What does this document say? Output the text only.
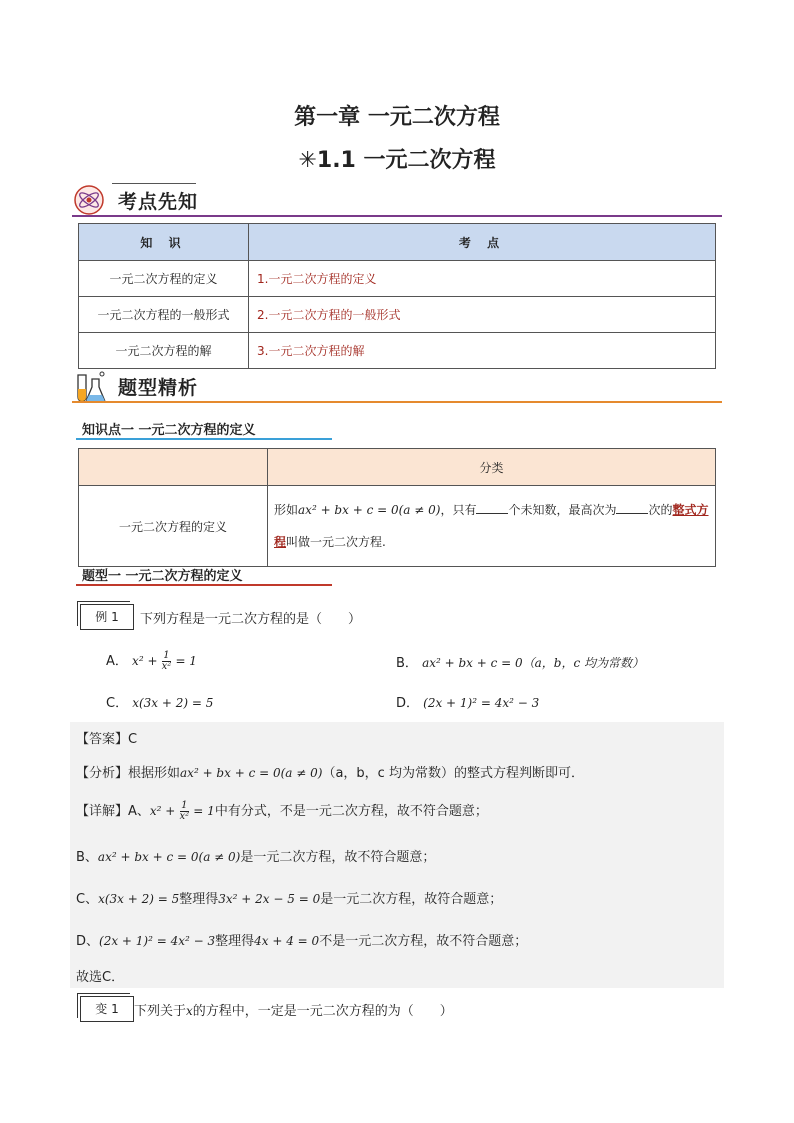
第一章 一元二次方程
✳1.1 一元二次方程
考点先知
知 识	考 点
一元二次方程的定义	1.一元二次方程的定义
一元二次方程的一般形式	2.一元二次方程的一般形式
一元二次方程的解	3.一元二次方程的解
题型精析
知识点一 一元二次方程的定义
	分类
一元二次方程的定义	形如ax² + bx + c = 0(a ≠ 0)，只有 个未知数，最高次为 次的整式方程叫做一元二次方程.
题型一 一元二次方程的定义
例 1	下列方程是一元二次方程的是（　　）
A． $x^2 + \frac{1}{\text{x²}} = 1$	B． ax² + bx + c = 0（a，b，c 均为常数）
C． x(3x + 2) = 5	D． (2x + 1)² = 4x² − 3
【答案】C
【分析】根据形如ax² + bx + c = 0(a ≠ 0)（a，b，c 均为常数）的整式方程判断即可．
【详解】A、$x^2 + \frac{1}{\text{x²}} = 1$中有分式，不是一元二次方程，故不符合题意；
B、ax² + bx + c = 0(a ≠ 0)是一元二次方程，故不符合题意；
C、x(3x + 2) = 5整理得3x² + 2x − 5 = 0是一元二次方程，故符合题意；
D、(2x + 1)² = 4x² − 3整理得4x + 4 = 0不是一元二次方程，故不符合题意；
故选C．
变 1	下列关于x的方程中，一定是一元二次方程的为（　　）
